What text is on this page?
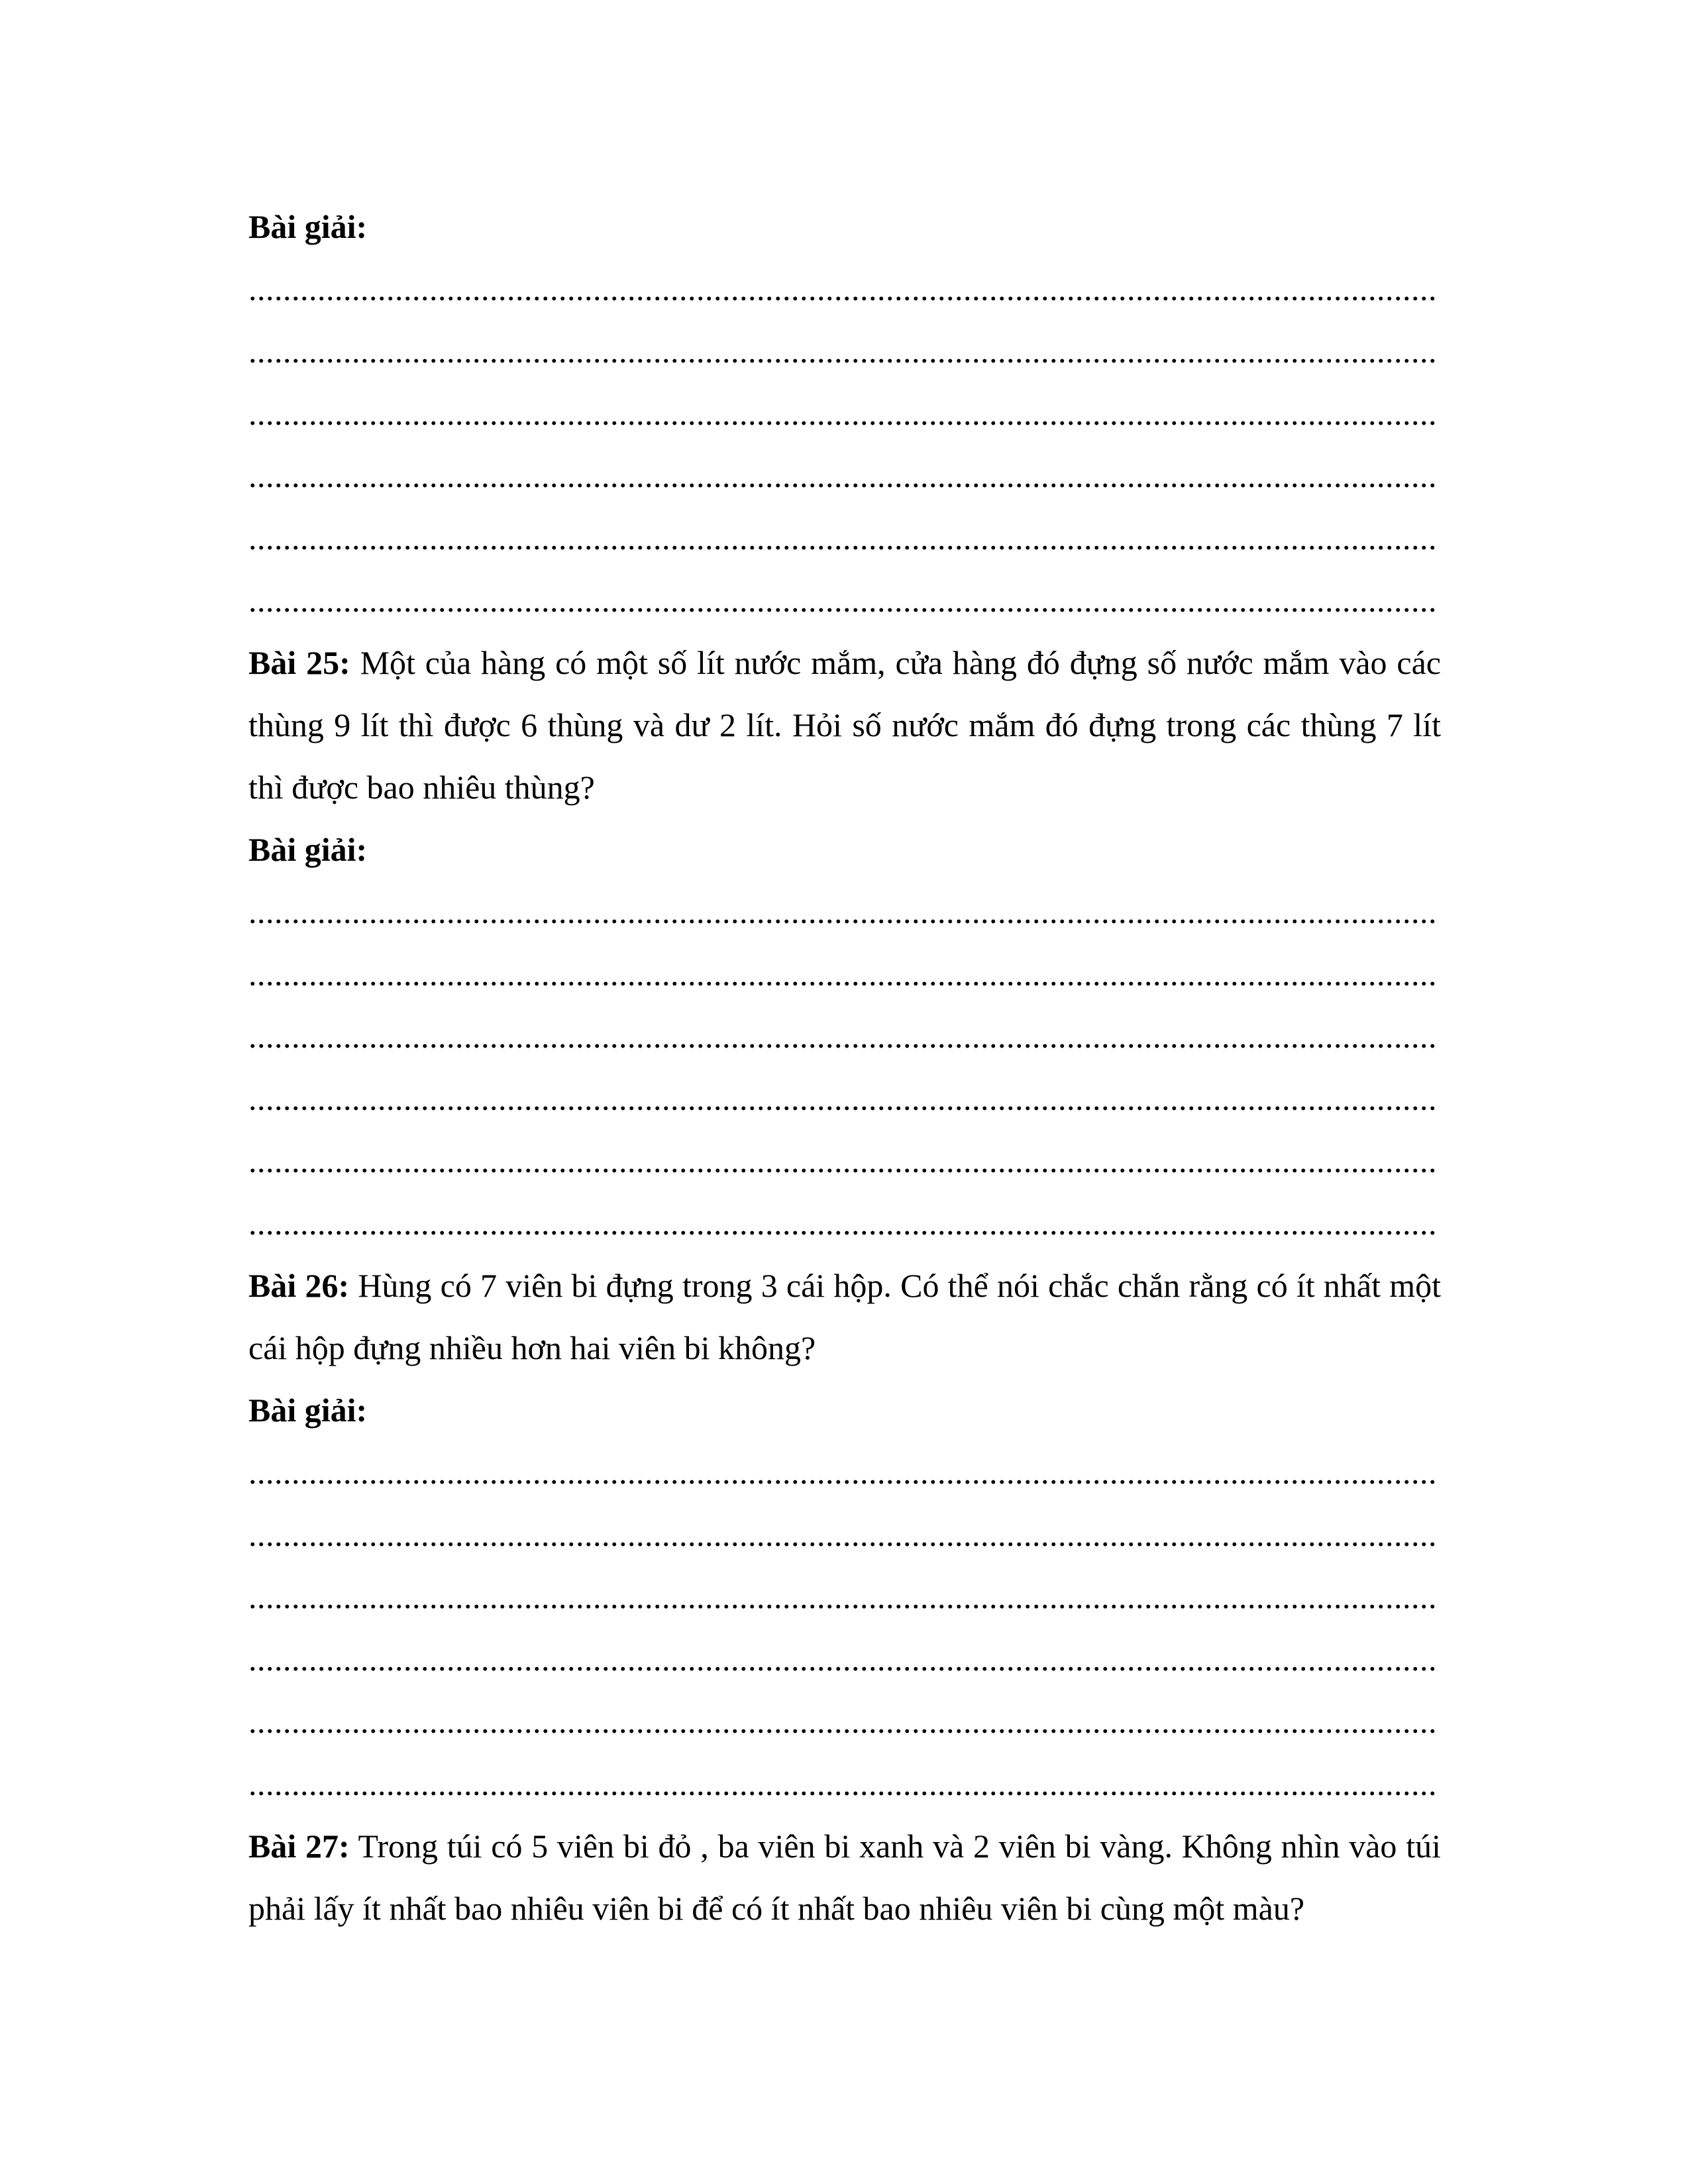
Bài giải:
..........................................................................................................................................
..........................................................................................................................................
..........................................................................................................................................
..........................................................................................................................................
..........................................................................................................................................
..........................................................................................................................................
Bài 25: Một của hàng có một số lít nước mắm, cửa hàng đó đựng số nước mắm vào các thùng 9 lít thì được 6 thùng và dư 2 lít. Hỏi số nước mắm đó đựng trong các thùng 7 lít thì được bao nhiêu thùng?
Bài giải:
..........................................................................................................................................
..........................................................................................................................................
..........................................................................................................................................
..........................................................................................................................................
..........................................................................................................................................
..........................................................................................................................................
Bài 26: Hùng có 7 viên bi đựng trong 3 cái hộp. Có thể nói chắc chắn rằng có ít nhất một cái hộp đựng nhiều hơn hai viên bi không?
Bài giải:
..........................................................................................................................................
..........................................................................................................................................
..........................................................................................................................................
..........................................................................................................................................
..........................................................................................................................................
..........................................................................................................................................
Bài 27: Trong túi có 5 viên bi đỏ , ba viên bi xanh và 2 viên bi vàng. Không nhìn vào túi phải lấy ít nhất bao nhiêu viên bi để có ít nhất bao nhiêu viên bi cùng một màu?
